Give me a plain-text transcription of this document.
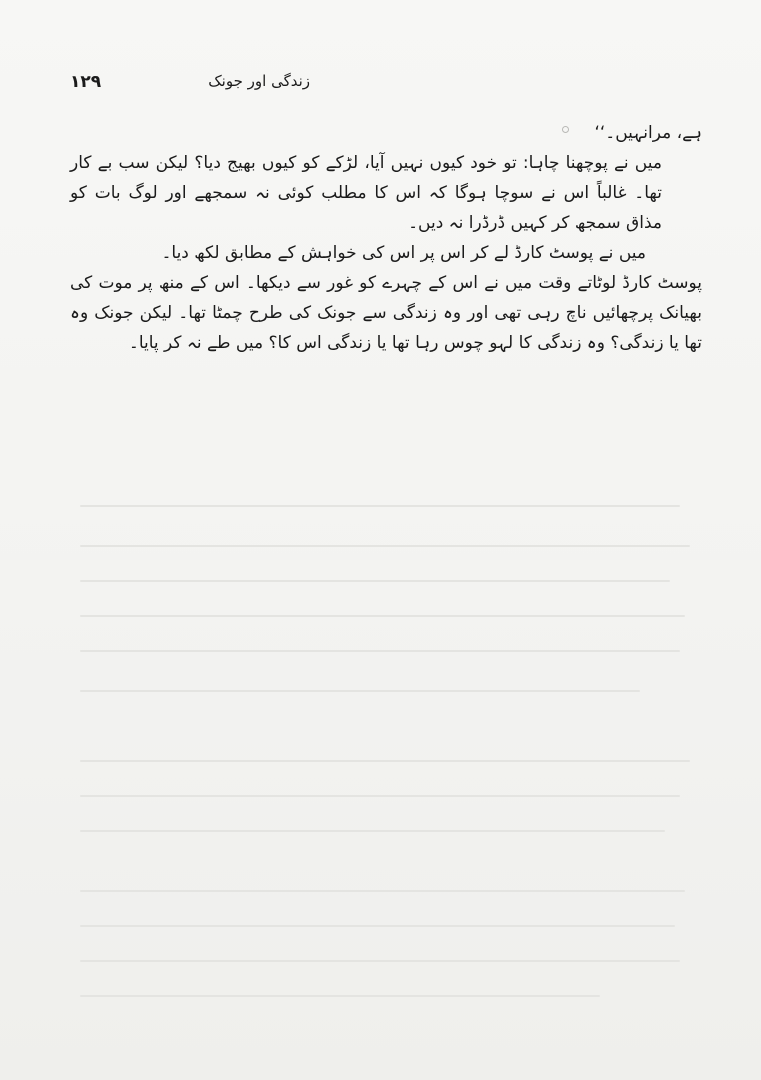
۱۲۹	زندگی اور جونک

ہے، مرانہیں۔‘‘

میں نے پوچھنا چاہا: تو خود کیوں نہیں آیا، لڑکے کو کیوں بھیج دیا؟ لیکن سب بے کار تھا۔ غالباً اس نے سوچا ہوگا کہ اس کا مطلب کوئی نہ سمجھے اور لوگ بات کو مذاق سمجھ کر کہیں ڈرڈرا نہ دیں۔

میں نے پوسٹ کارڈ لے کر اس پر اس کی خواہش کے مطابق لکھ دیا۔

پوسٹ کارڈ لوٹاتے وقت میں نے اس کے چہرے کو غور سے دیکھا۔ اس کے منھ پر موت کی بھیانک پرچھائیں ناچ رہی تھی اور وہ زندگی سے جونک کی طرح چمٹا تھا۔ لیکن جونک وہ تھا یا زندگی؟ وہ زندگی کا لہو چوس رہا تھا یا زندگی اس کا؟ میں طے نہ کر پایا۔
